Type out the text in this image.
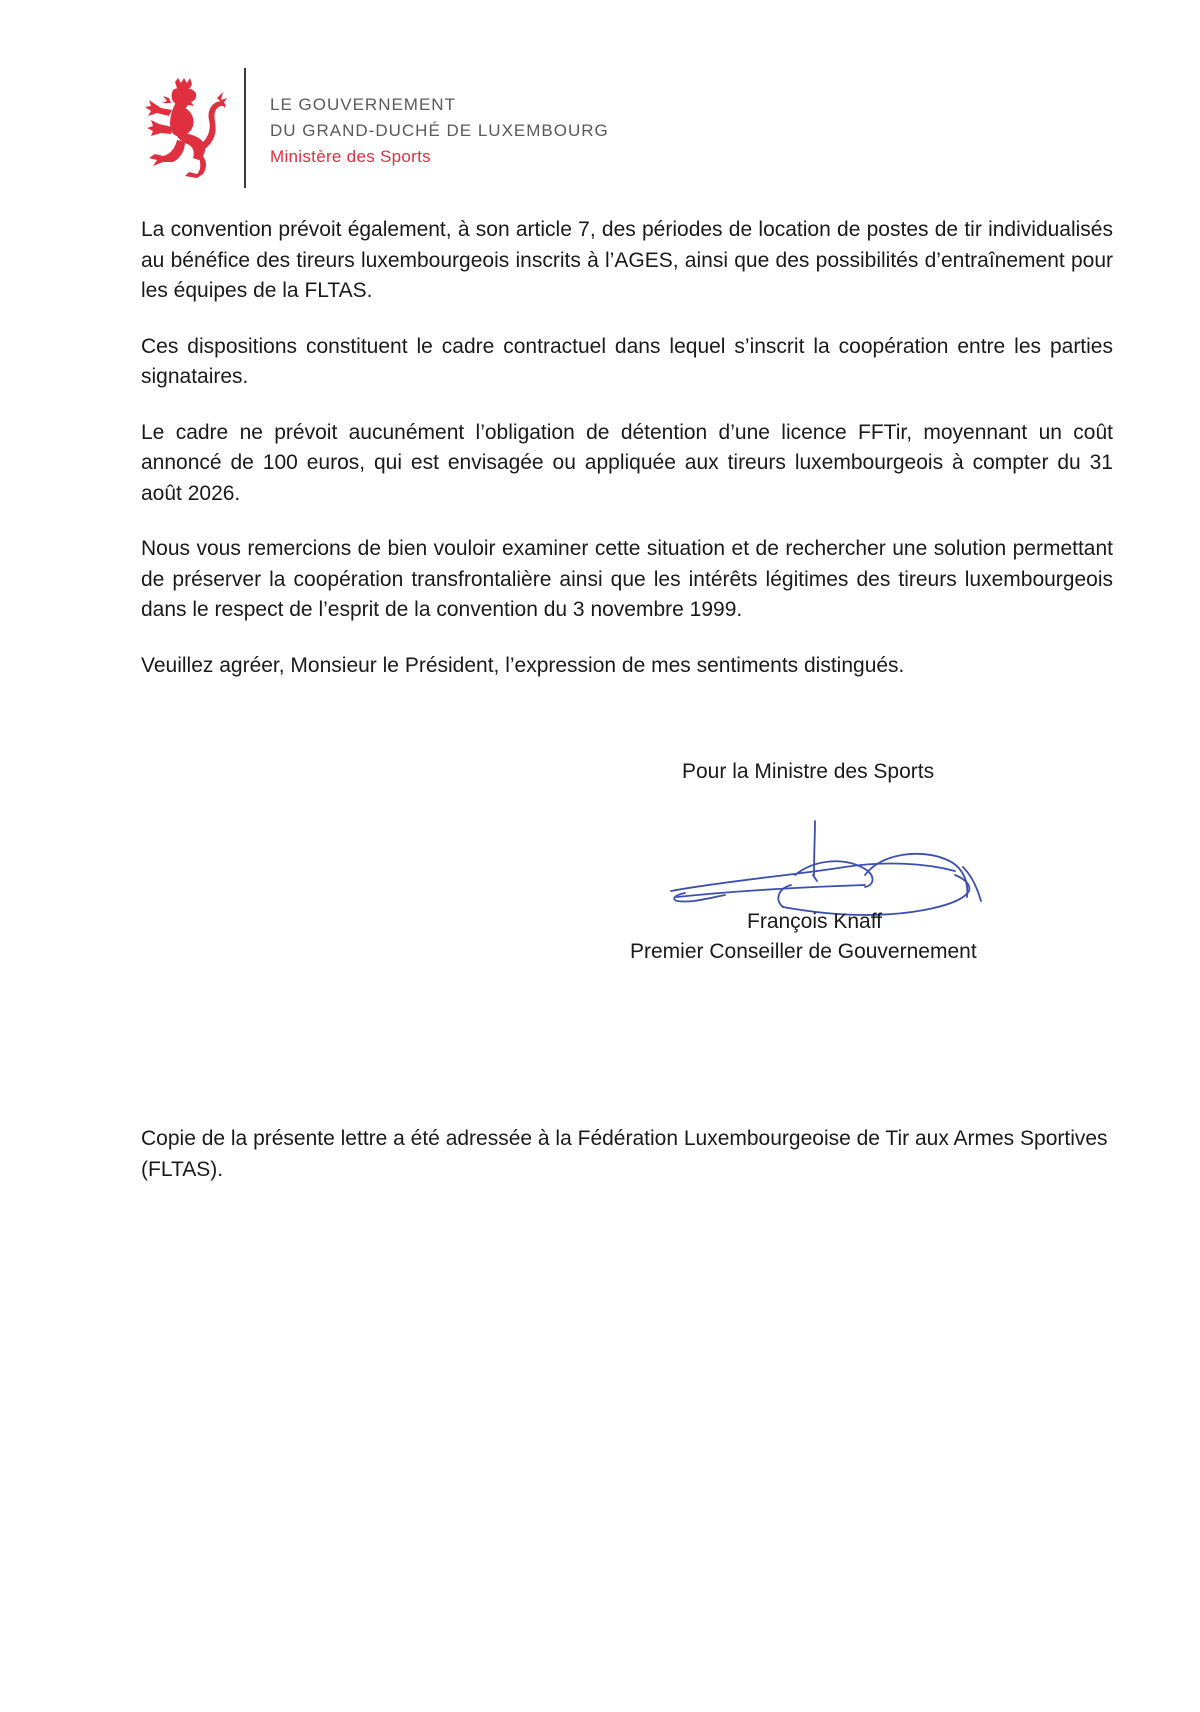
LE GOUVERNEMENT
DU GRAND-DUCHÉ DE LUXEMBOURG
Ministère des Sports

La convention prévoit également, à son article 7, des périodes de location de postes de tir individualisés au bénéfice des tireurs luxembourgeois inscrits à l’AGES, ainsi que des possibilités d’entraînement pour les équipes de la FLTAS.

Ces dispositions constituent le cadre contractuel dans lequel s’inscrit la coopération entre les parties signataires.

Le cadre ne prévoit aucunément l’obligation de détention d’une licence FFTir, moyennant un coût annoncé de 100 euros, qui est envisagée ou appliquée aux tireurs luxembourgeois à compter du 31 août 2026.

Nous vous remercions de bien vouloir examiner cette situation et de rechercher une solution permettant de préserver la coopération transfrontalière ainsi que les intérêts légitimes des tireurs luxembourgeois dans le respect de l’esprit de la convention du 3 novembre 1999.

Veuillez agréer, Monsieur le Président, l’expression de mes sentiments distingués.

Pour la Ministre des Sports
François Knaff
Premier Conseiller de Gouvernement

Copie de la présente lettre a été adressée à la Fédération Luxembourgeoise de Tir aux Armes Sportives (FLTAS).
